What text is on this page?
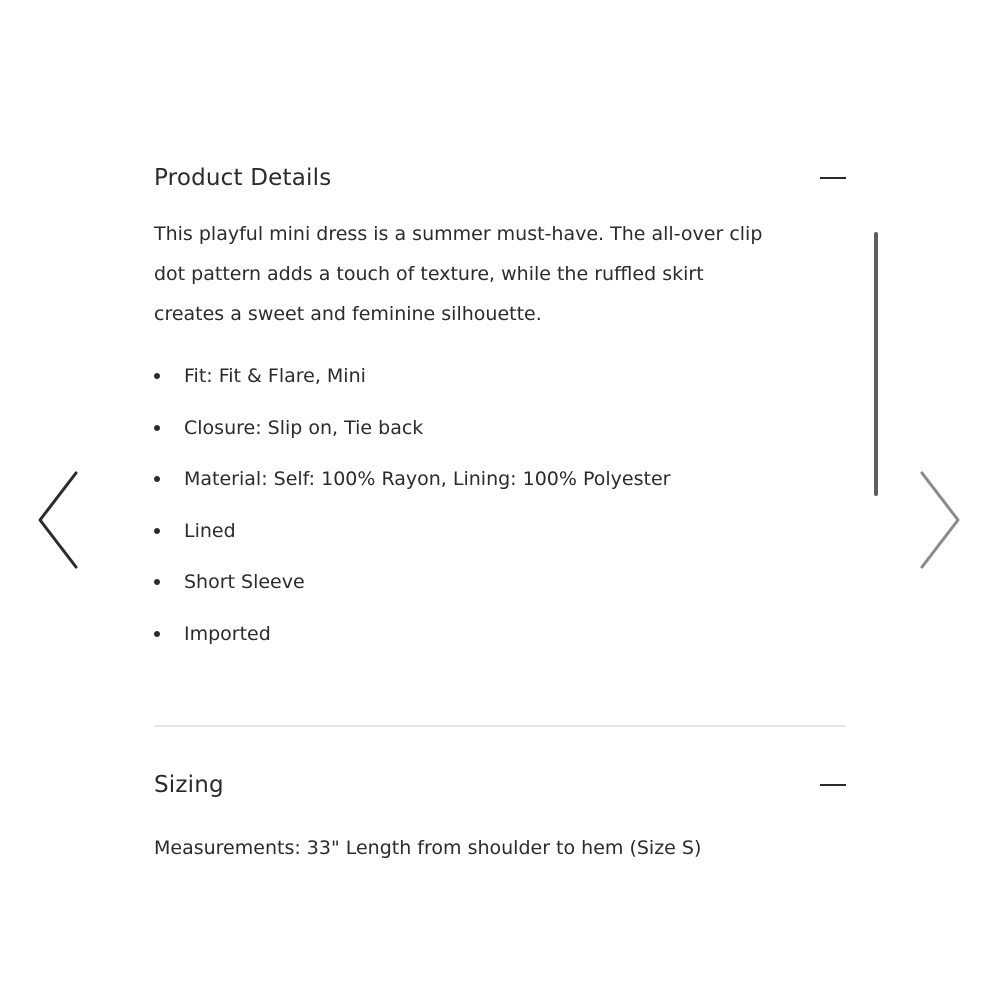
Product Details

This playful mini dress is a summer must-have. The all-over clip
dot pattern adds a touch of texture, while the ruffled skirt
creates a sweet and feminine silhouette.

Fit: Fit & Flare, Mini
Closure: Slip on, Tie back
Material: Self: 100% Rayon, Lining: 100% Polyester
Lined
Short Sleeve
Imported
Sizing

Measurements: 33" Length from shoulder to hem (Size S)
